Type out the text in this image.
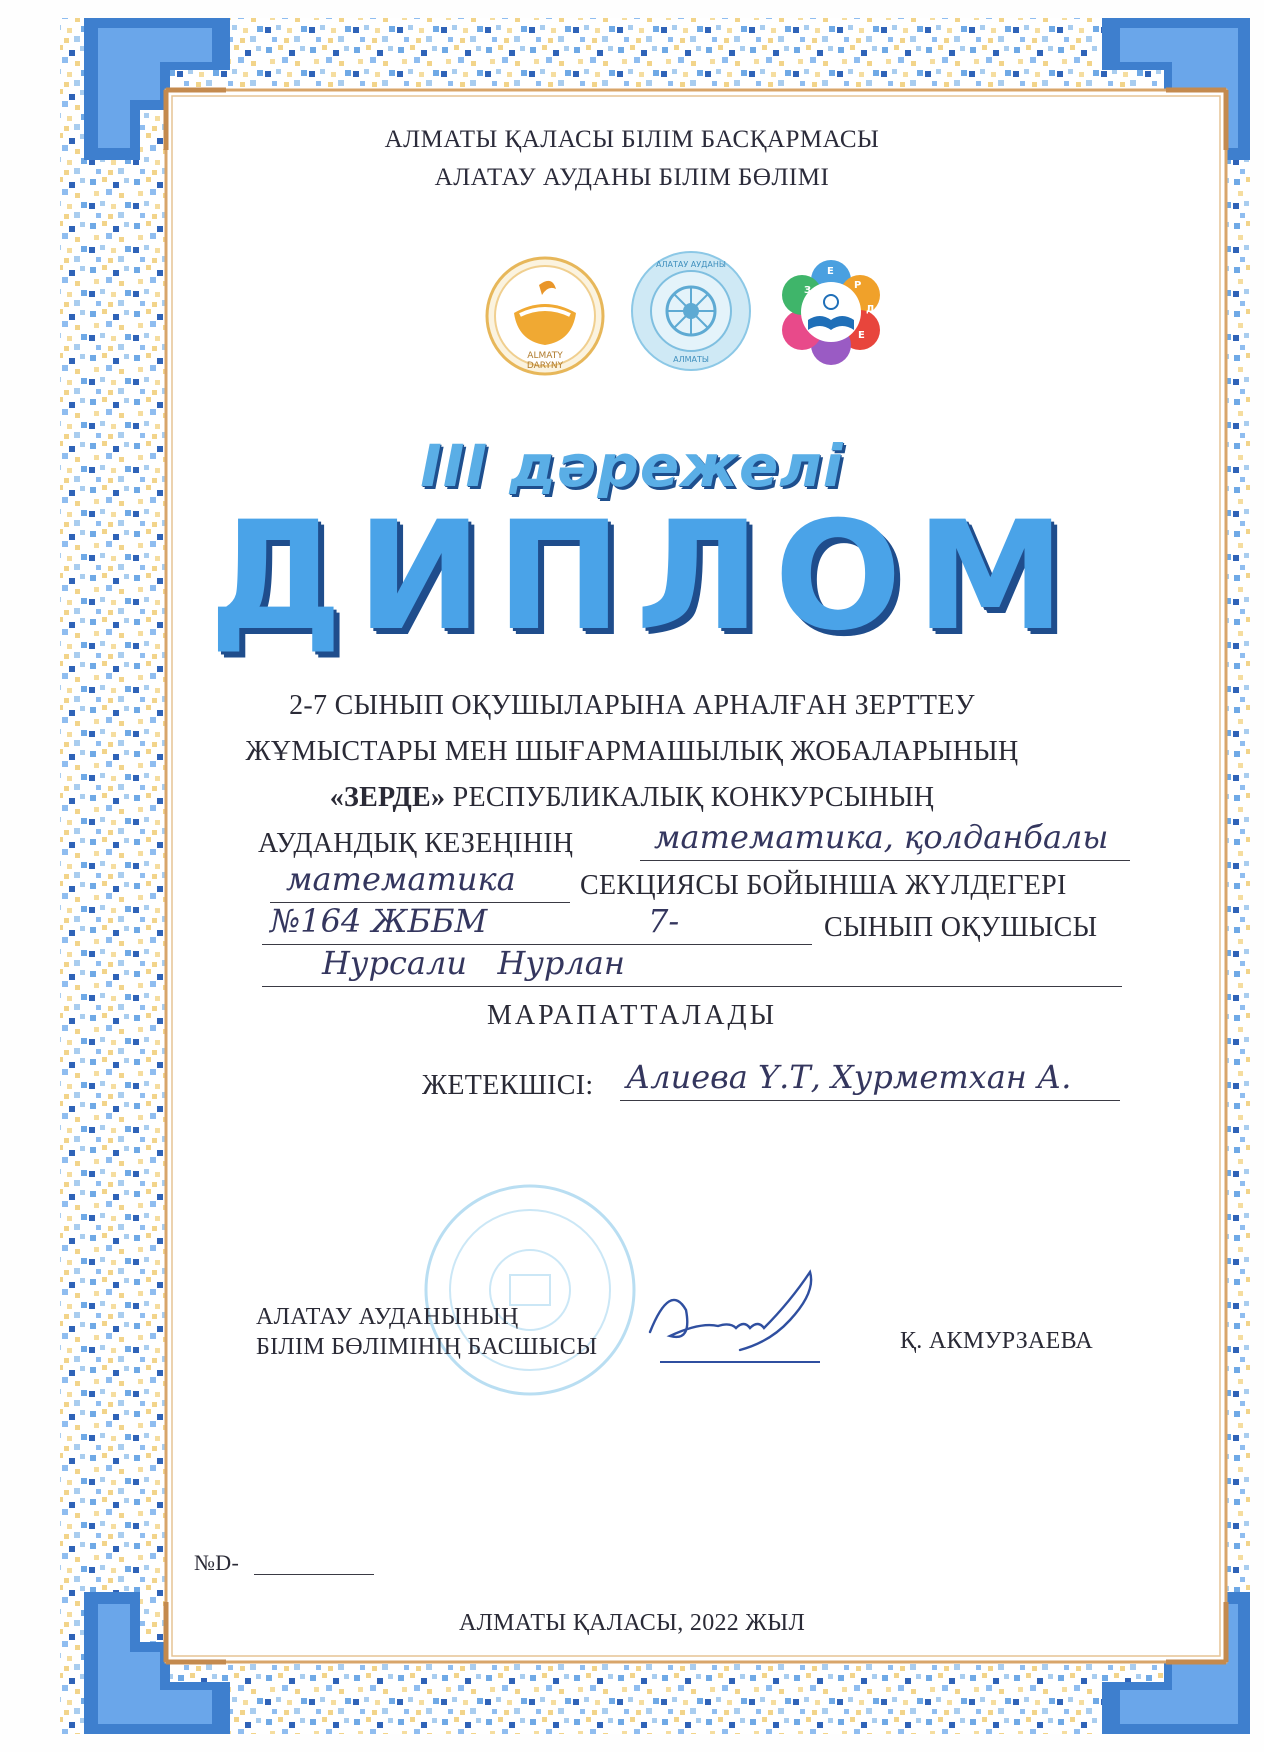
АЛМАТЫ ҚАЛАСЫ БІЛІМ БАСҚАРМАСЫ
АЛАТАУ АУДАНЫ БІЛІМ БӨЛІМІ
ALMATY
DARYNY
АЛАТАУ АУДАНЫ
АЛМАТЫ
З
Е
Р
Д
Е
III дәрежелі
ДИПЛОМ
2-7 СЫНЫП ОҚУШЫЛАРЫНА АРНАЛҒАН ЗЕРТТЕУ
ЖҰМЫСТАРЫ МЕН ШЫҒАРМАШЫЛЫҚ ЖОБАЛАРЫНЫҢ
«ЗЕРДЕ» РЕСПУБЛИКАЛЫҚ КОНКУРСЫНЫҢ
АУДАНДЫҚ КЕЗЕҢІНІҢ	математика, қолданбалы
математика СЕКЦИЯСЫ БОЙЫНША ЖҮЛДЕГЕРІ
№164 ЖББМ	7-	СЫНЫП ОҚУШЫСЫ
Нурсали   Нурлан
МАРАПАТТАЛАДЫ
ЖЕТЕКШІСІ: Алиева Ү.Т, Хурметхан А.
АЛАТАУ АУДАНЫНЫҢ
БІЛІМ БӨЛІМІНІҢ БАСШЫСЫ	Қ. АКМУРЗАЕВА
№D-
АЛМАТЫ ҚАЛАСЫ, 2022 ЖЫЛ
